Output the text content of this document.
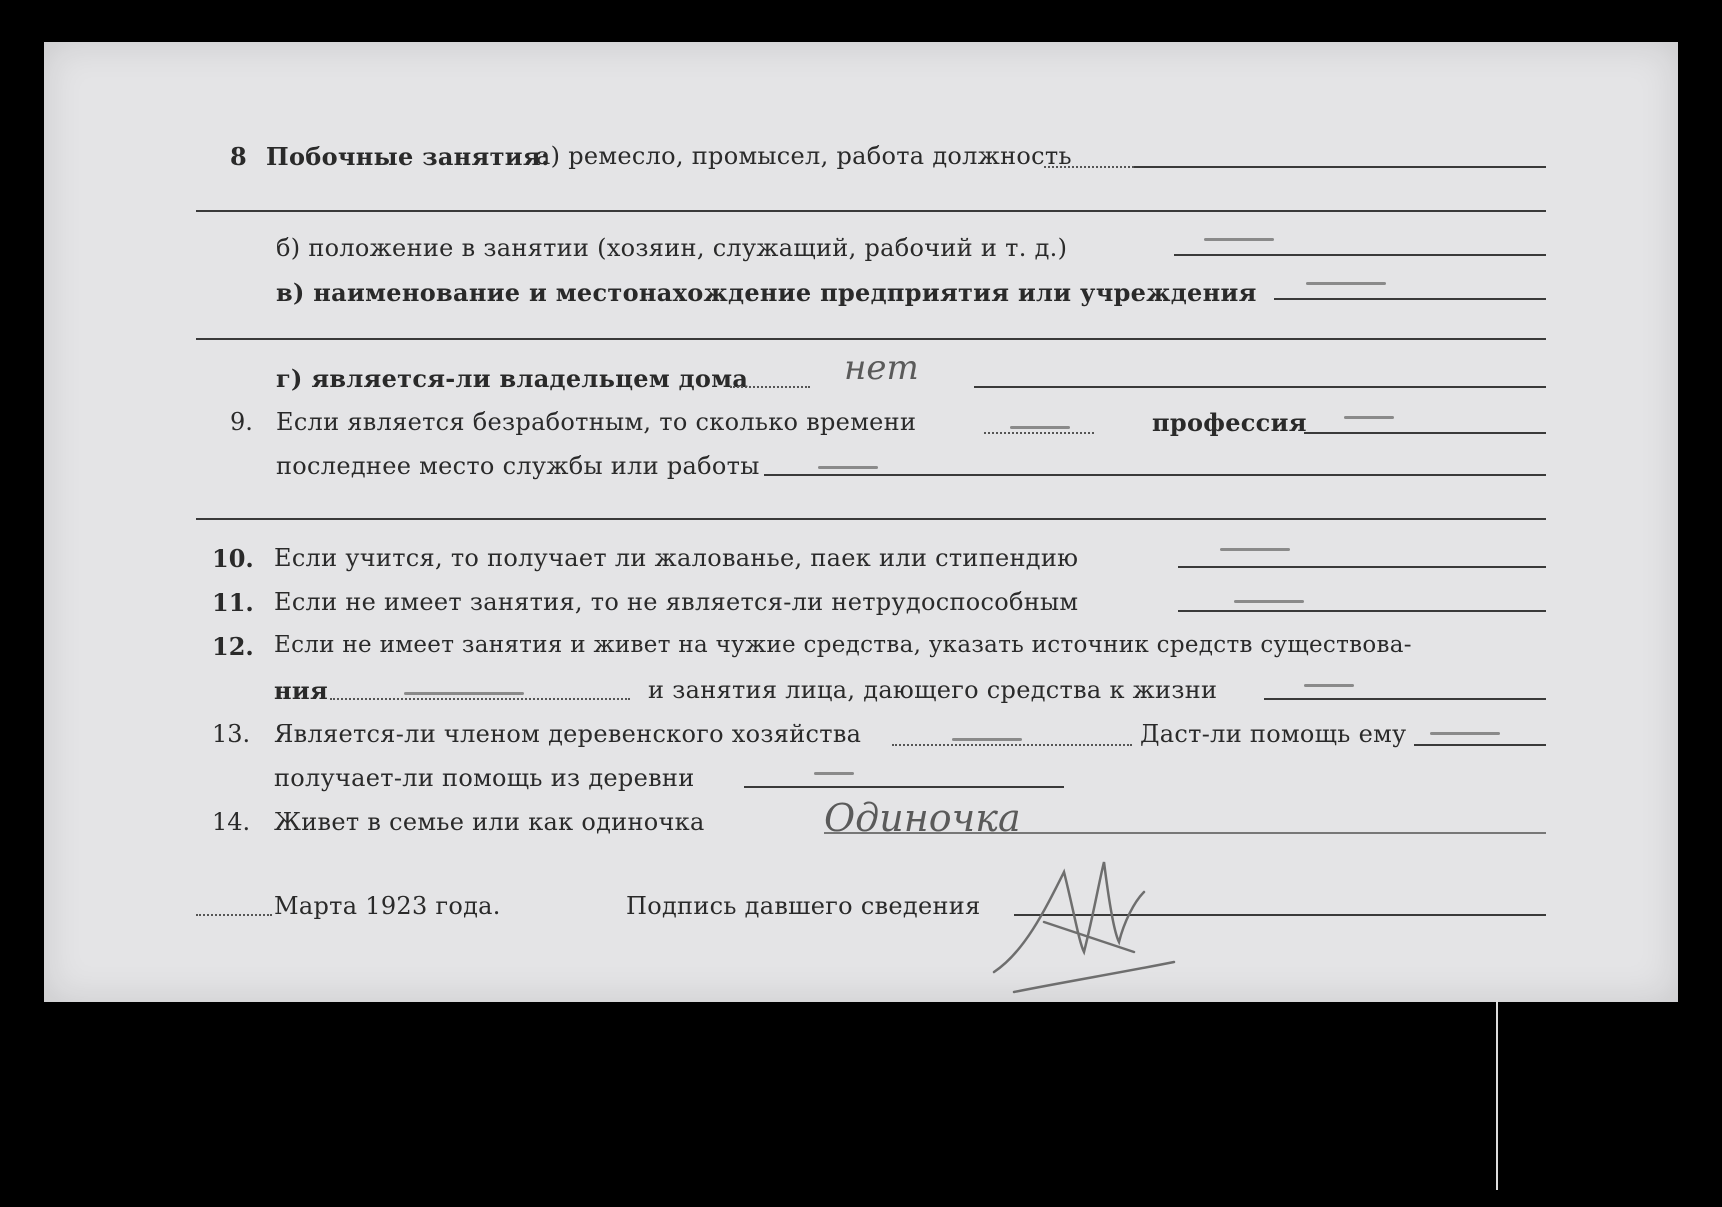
8 Побочные занятия:
а) ремесло, промысел, работа должность
б) положение в занятии (хозяин, служащий, рабочий и т. д.)
в) наименование и местонахождение предприятия или учреждения
г) является-ли владельцем дома	нет
9. Если является безработным, то сколько времени	профессия
последнее место службы или работы
10. Если учится, то получает ли жалованье, паек или стипендию
11. Если не имеет занятия, то не является-ли нетрудоспособным
12. Если не имеет занятия и живет на чужие средства, указать источник средств существова-
ния	и занятия лица, дающего средства к жизни
13. Является-ли членом деревенского хозяйства	Даст-ли помощь ему
получает-ли помощь из деревни
14. Живет в семье или как одиночка	Одиночка
Марта 1923 года.	Подпись давшего сведения
